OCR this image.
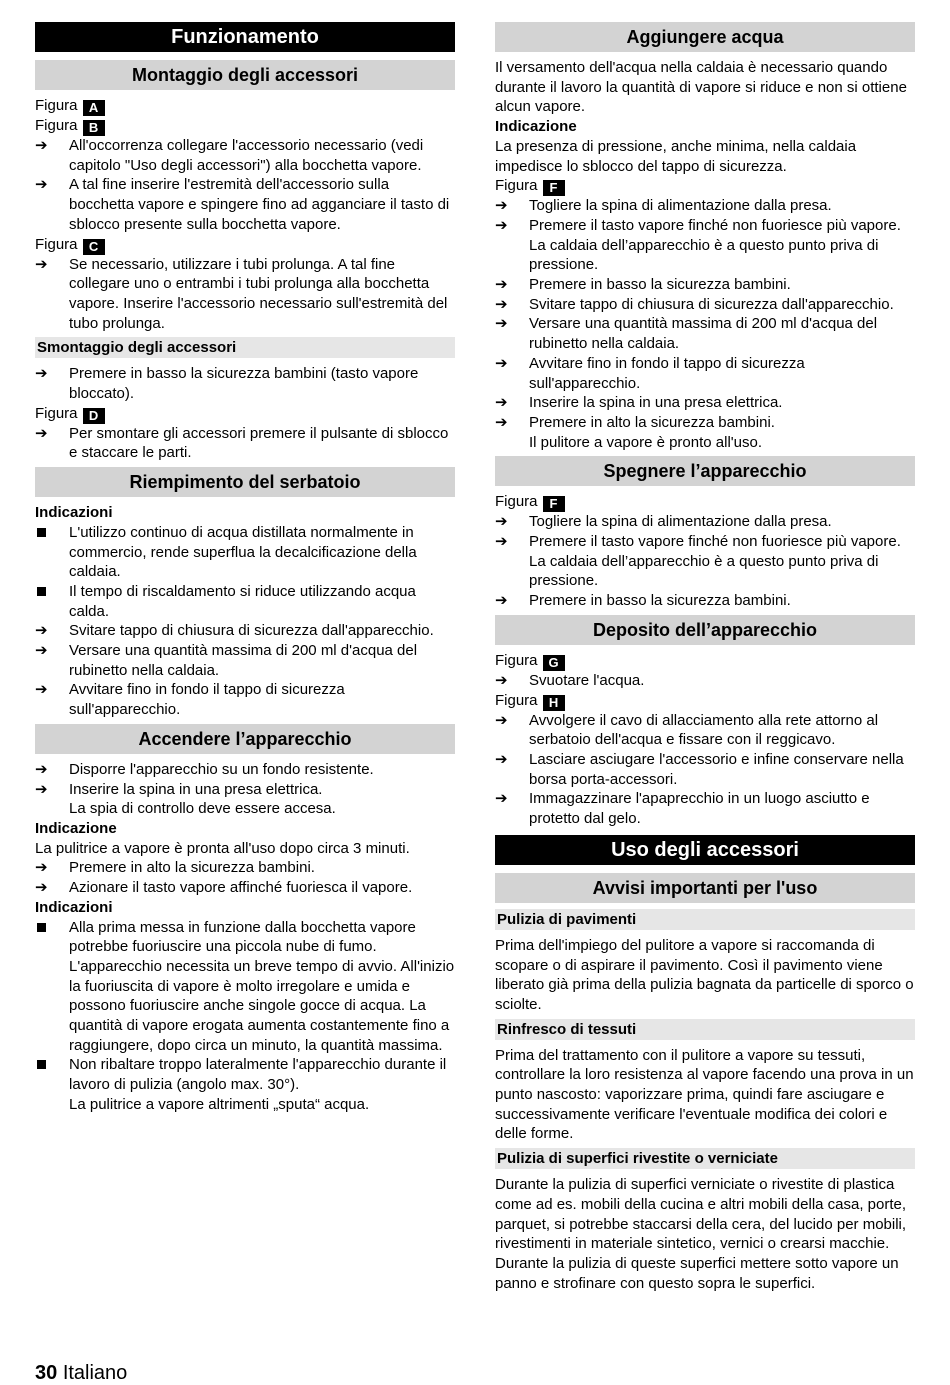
Funzionamento
Montaggio degli accessori
Figura A
Figura B
➔	All'occorrenza collegare l'accessorio necessario (vedi capitolo "Uso degli accessori") alla bocchetta vapore.
➔	A tal fine inserire l'estremità dell'accessorio sulla bocchetta vapore e spingere fino ad agganciare il tasto di sblocco presente sulla bocchetta vapore.
Figura C
➔	Se necessario, utilizzare i tubi prolunga. A tal fine collegare uno o entrambi i tubi prolunga alla bocchetta vapore. Inserire l'accessorio necessario sull'estremità del tubo prolunga.
Smontaggio degli accessori
➔	Premere in basso la sicurezza bambini (tasto vapore bloccato).
Figura D
➔	Per smontare gli accessori premere il pulsante di sblocco e staccare le parti.
Riempimento del serbatoio
Indicazioni
L'utilizzo continuo di acqua distillata normalmente in commercio, rende superflua la decalcificazione della caldaia.
Il tempo di riscaldamento si riduce utilizzando acqua calda.
➔	Svitare tappo di chiusura di sicurezza dall'apparecchio.
➔	Versare una quantità massima di 200 ml d'acqua del rubinetto nella caldaia.
➔	Avvitare fino in fondo il tappo di sicurezza sull'apparecchio.
Accendere l’apparecchio
➔	Disporre l'apparecchio su un fondo resistente.
➔	Inserire la spina in una presa elettrica.
La spia di controllo deve essere accesa.
Indicazione
La pulitrice a vapore è pronta all'uso dopo circa 3 minuti.
➔	Premere in alto la sicurezza bambini.
➔	Azionare il tasto vapore affinché fuoriesca il vapore.
Indicazioni
Alla prima messa in funzione dalla bocchetta vapore potrebbe fuoriuscire una piccola nube di fumo. L'apparecchio necessita un breve tempo di avvio. All'inizio la fuoriuscita di vapore è molto irregolare e umida e possono fuoriuscire anche singole gocce di acqua. La quantità di vapore erogata aumenta costantemente fino a raggiungere, dopo circa un minuto, la quantità massima.
Non ribaltare troppo lateralmente l'apparecchio durante il lavoro di pulizia (angolo max. 30°).
La pulitrice a vapore altrimenti „sputa“ acqua.
Aggiungere acqua
Il versamento dell'acqua nella caldaia è necessario quando durante il lavoro la quantità di vapore si riduce e non si ottiene alcun vapore.
Indicazione
La presenza di pressione, anche minima, nella caldaia impedisce lo sblocco del tappo di sicurezza.
Figura F
➔	Togliere la spina di alimentazione dalla presa.
➔	Premere il tasto vapore finché non fuoriesce più vapore. La caldaia dell’apparecchio è a questo punto priva di pressione.
➔	Premere in basso la sicurezza bambini.
➔	Svitare tappo di chiusura di sicurezza dall'apparecchio.
➔	Versare una quantità massima di 200 ml d'acqua del rubinetto nella caldaia.
➔	Avvitare fino in fondo il tappo di sicurezza sull'apparecchio.
➔	Inserire la spina in una presa elettrica.
➔	Premere in alto la sicurezza bambini.
Il pulitore a vapore è pronto all'uso.
Spegnere l’apparecchio
Figura F
➔	Togliere la spina di alimentazione dalla presa.
➔	Premere il tasto vapore finché non fuoriesce più vapore. La caldaia dell’apparecchio è a questo punto priva di pressione.
➔	Premere in basso la sicurezza bambini.
Deposito dell’apparecchio
Figura G
➔	Svuotare l'acqua.
Figura H
➔	Avvolgere il cavo di allacciamento alla rete attorno al serbatoio dell'acqua e fissare con il reggicavo.
➔	Lasciare asciugare l'accessorio e infine conservare nella borsa porta-accessori.
➔	Immagazzinare l'apaprecchio in un luogo asciutto e protetto dal gelo.
Uso degli accessori
Avvisi importanti per l'uso
Pulizia di pavimenti
Prima dell'impiego del pulitore a vapore si raccomanda di scopare o di aspirare il pavimento. Così il pavimento viene liberato già prima della pulizia bagnata da particelle di sporco o sciolte.
Rinfresco di tessuti
Prima del trattamento con il pulitore a vapore su tessuti, controllare la loro resistenza al vapore facendo una prova in un punto nascosto: vaporizzare prima, quindi fare asciugare e successivamente verificare l'eventuale modifica dei colori e delle forme.
Pulizia di superfici rivestite o verniciate
Durante la pulizia di superfici verniciate o rivestite di plastica come ad es. mobili della cucina e altri mobili della casa, porte, parquet, si potrebbe staccarsi della cera, del lucido per mobili, rivestimenti in materiale sintetico, vernici o crearsi macchie. Durante la pulizia di queste superfici mettere sotto vapore un panno e strofinare con questo sopra le superfici.
30 Italiano
